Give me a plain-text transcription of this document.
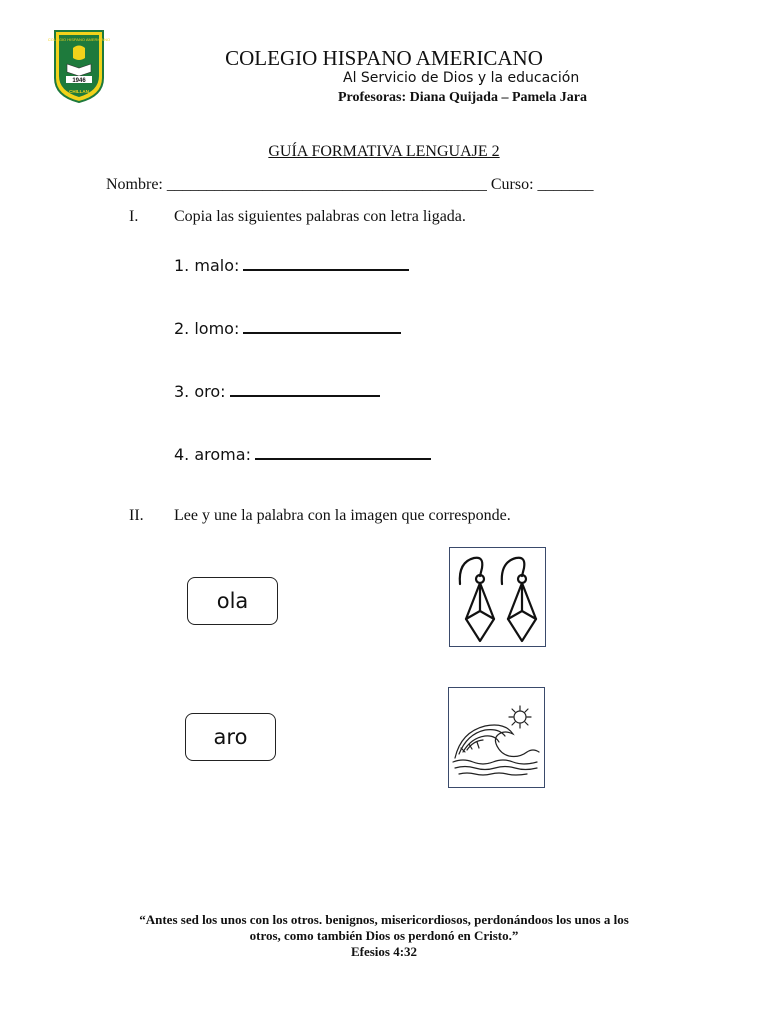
COLEGIO HISPANO AMERICANO
1946
CHILLAN
COLEGIO HISPANO AMERICANO
Al Servicio de Dios y la educación
Profesoras: Diana Quijada – Pamela Jara
GUÍA FORMATIVA LENGUAJE 2
Nombre: ________________________________________ Curso: _______
I. Copia las siguientes palabras con letra ligada.
1. malo:
2. lomo:
3. oro:
4. aroma:
II. Lee y une la palabra con la imagen que corresponde.
ola
aro
“Antes sed los unos con los otros. benignos, misericordiosos, perdonándoos los unos a los
otros, como también Dios os perdonó en Cristo.”
Efesios 4:32
